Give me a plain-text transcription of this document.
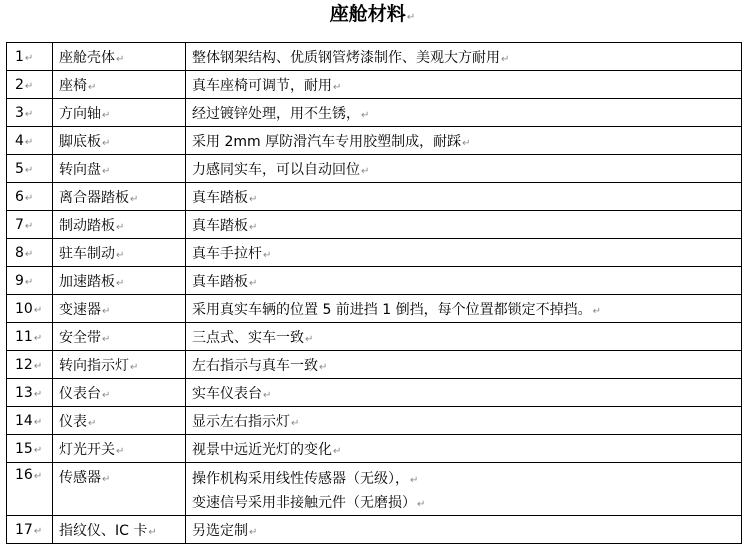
座舱材料↵
1↵	座舱壳体↵	整体钢架结构、优质钢管烤漆制作、美观大方耐用↵
2↵	座椅↵	真车座椅可调节，耐用↵
3↵	方向轴↵	经过镀锌处理，用不生锈，↵
4↵	脚底板↵	采用 2mm 厚防滑汽车专用胶塑制成，耐踩↵
5↵	转向盘↵	力感同实车，可以自动回位↵
6↵	离合器踏板↵	真车踏板↵
7↵	制动踏板↵	真车踏板↵
8↵	驻车制动↵	真车手拉杆↵
9↵	加速踏板↵	真车踏板↵
10↵	变速器↵	采用真实车辆的位置 5 前进挡 1 倒挡，每个位置都锁定不掉挡。↵
11↵	安全带↵	三点式、实车一致↵
12↵	转向指示灯↵	左右指示与真车一致↵
13↵	仪表台↵	实车仪表台↵
14↵	仪表↵	显示左右指示灯↵
15↵	灯光开关↵	视景中远近光灯的变化↵
16↵	传感器↵	操作机构采用线性传感器（无级），↵
变速信号采用非接触元件（无磨损）↵

17↵	指纹仪、IC 卡↵	另选定制↵
